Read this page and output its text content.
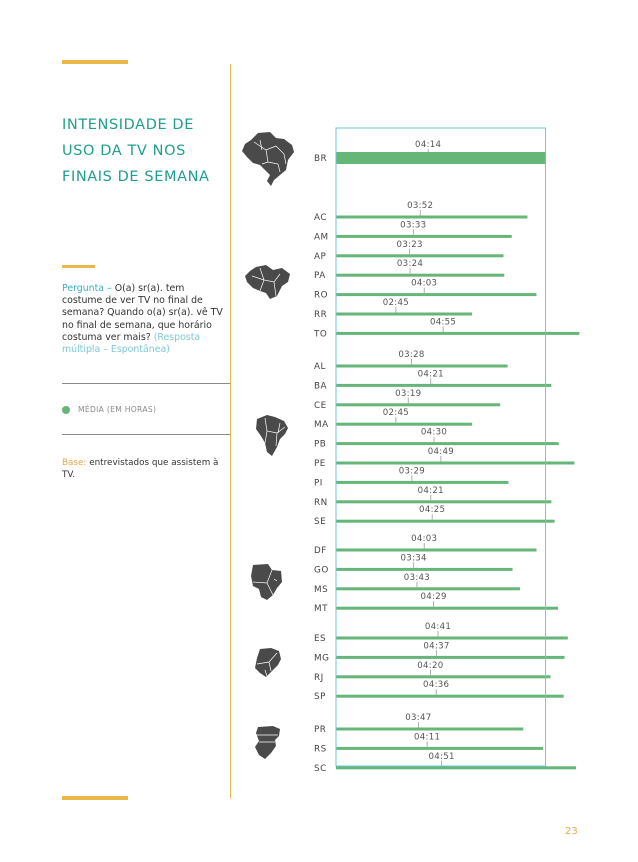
INTENSIDADE DE USO DA TV NOS FINAIS DE SEMANA
Pergunta – O(a) sr(a). tem costume de ver TV no final de semana? Quando o(a) sr(a). vê TV no final de semana, que horário costuma ver mais? (Resposta múltipla – Espontânea)
MÉDIA (EM HORAS)
Base: entrevistados que assistem à TV.
23
BR
04:14
AC
03:52
AM
03:33
AP
03:23
PA
03:24
RO
04:03
RR
02:45
TO
04:55
AL
03:28
BA
04:21
CE
03:19
MA
02:45
PB
04:30
PE
04:49
PI
03:29
RN
04:21
SE
04:25
DF
04:03
GO
03:34
MS
03:43
MT
04:29
ES
04:41
MG
04:37
RJ
04:20
SP
04:36
PR
03:47
RS
04:11
SC
04:51
